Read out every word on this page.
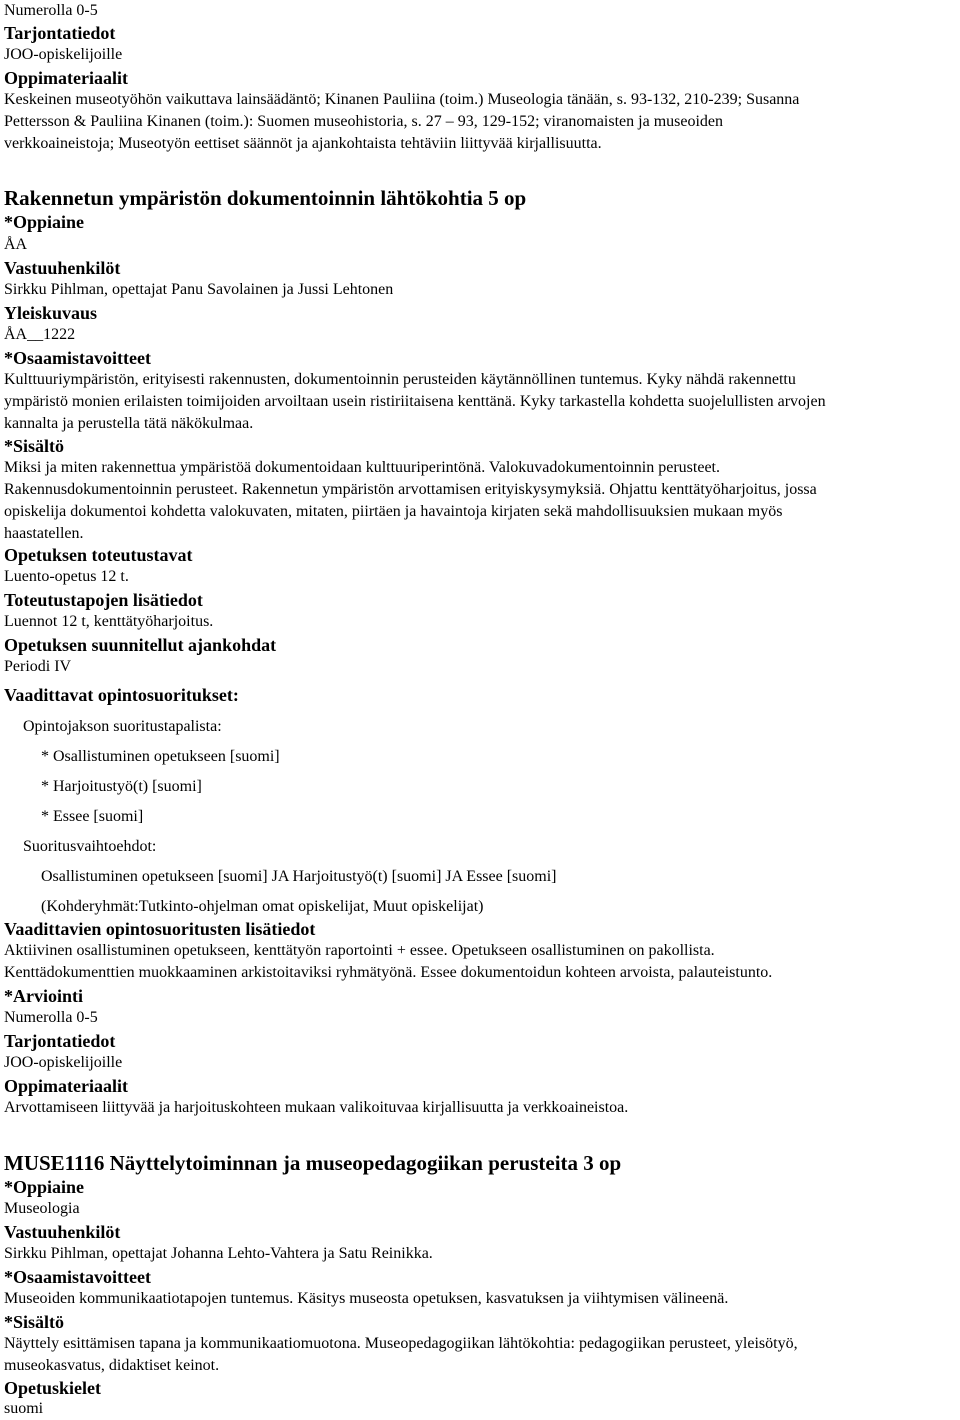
Numerolla 0-5
Tarjontatiedot
JOO-opiskelijoille
Oppimateriaalit
Keskeinen museotyöhön vaikuttava lainsäädäntö; Kinanen Pauliina (toim.) Museologia tänään, s. 93-132, 210-239; Susanna
Pettersson & Pauliina Kinanen (toim.): Suomen museohistoria, s. 27 – 93, 129-152; viranomaisten ja museoiden
verkkoaineistoja; Museotyön eettiset säännöt ja ajankohtaista tehtäviin liittyvää kirjallisuutta.
Rakennetun ympäristön dokumentoinnin lähtökohtia 5 op
*Oppiaine
ÅA
Vastuuhenkilöt
Sirkku Pihlman, opettajat Panu Savolainen ja Jussi Lehtonen
Yleiskuvaus
ÅA__1222
*Osaamistavoitteet
Kulttuuriympäristön, erityisesti rakennusten, dokumentoinnin perusteiden käytännöllinen tuntemus. Kyky nähdä rakennettu
ympäristö monien erilaisten toimijoiden arvoiltaan usein ristiriitaisena kenttänä. Kyky tarkastella kohdetta suojelullisten arvojen
kannalta ja perustella tätä näkökulmaa.
*Sisältö
Miksi ja miten rakennettua ympäristöä dokumentoidaan kulttuuriperintönä. Valokuvadokumentoinnin perusteet.
Rakennusdokumentoinnin perusteet. Rakennetun ympäristön arvottamisen erityiskysymyksiä. Ohjattu kenttätyöharjoitus, jossa
opiskelija dokumentoi kohdetta valokuvaten, mitaten, piirtäen ja havaintoja kirjaten sekä mahdollisuuksien mukaan myös
haastatellen.
Opetuksen toteutustavat
Luento-opetus 12 t.
Toteutustapojen lisätiedot
Luennot 12 t, kenttätyöharjoitus.
Opetuksen suunnitellut ajankohdat
Periodi IV
Vaadittavat opintosuoritukset:
Opintojakson suoritustapalista:
* Osallistuminen opetukseen [suomi]
* Harjoitustyö(t) [suomi]
* Essee [suomi]
Suoritusvaihtoehdot:
Osallistuminen opetukseen [suomi] JA Harjoitustyö(t) [suomi] JA Essee [suomi]
(Kohderyhmät:Tutkinto-ohjelman omat opiskelijat, Muut opiskelijat)
Vaadittavien opintosuoritusten lisätiedot
Aktiivinen osallistuminen opetukseen, kenttätyön raportointi + essee. Opetukseen osallistuminen on pakollista.
Kenttädokumenttien muokkaaminen arkistoitaviksi ryhmätyönä. Essee dokumentoidun kohteen arvoista, palauteistunto.
*Arviointi
Numerolla 0-5
Tarjontatiedot
JOO-opiskelijoille
Oppimateriaalit
Arvottamiseen liittyvää ja harjoituskohteen mukaan valikoituvaa kirjallisuutta ja verkkoaineistoa.
MUSE1116 Näyttelytoiminnan ja museopedagogiikan perusteita 3 op
*Oppiaine
Museologia
Vastuuhenkilöt
Sirkku Pihlman, opettajat Johanna Lehto-Vahtera ja Satu Reinikka.
*Osaamistavoitteet
Museoiden kommunikaatiotapojen tuntemus. Käsitys museosta opetuksen, kasvatuksen ja viihtymisen välineenä.
*Sisältö
Näyttely esittämisen tapana ja kommunikaatiomuotona. Museopedagogiikan lähtökohtia: pedagogiikan perusteet, yleisötyö,
museokasvatus, didaktiset keinot.
Opetuskielet
suomi
